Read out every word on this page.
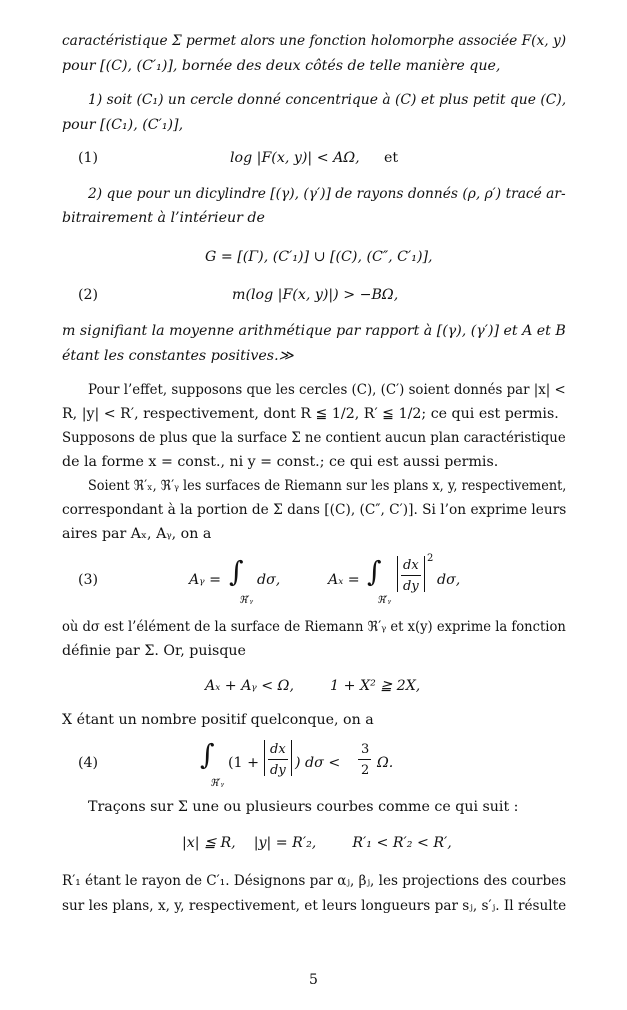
caractéristique Σ permet alors une fonction holomorphe associée F(x, y)
pour [(C), (C′₁)], bornée des deux côtés de telle manière que,
1) soit (C₁) un cercle donné concentrique à (C) et plus petit que (C),
pour [(C₁), (C′₁)],
(1)	log |F(x, y)| < AΩ, et
2) que pour un dicylindre [(γ), (γ′)] de rayons donnés (ρ, ρ′) tracé ar-
bitrairement à l’intérieur de
G = [(Γ), (C′₁)] ∪ [(C), (C″, C′₁)],
(2)	m(log |F(x, y)|) > −BΩ,
m signifiant la moyenne arithmétique par rapport à [(γ), (γ′)] et A et B
étant les constantes positives.≫
Pour l’effet, supposons que les cercles (C), (C′) soient donnés par |x| <
R, |y| < R′, respectivement, dont R ≦ 1/2, R′ ≦ 1/2; ce qui est permis.
Supposons de plus que la surface Σ ne contient aucun plan caractéristique
de la forme x = const., ni y = const.; ce qui est aussi permis.
Soient ℜ′ₓ, ℜ′ᵧ les surfaces de Riemann sur les plans x, y, respectivement,
correspondant à la portion de Σ dans [(C), (C″, C′)]. Si l’on exprime leurs
aires par Aₓ, Aᵧ, on a
(3)	Aᵧ = ∫
ℜ′ᵧ
dσ,	Aₓ = ∫
ℜ′ᵧ
dx
dy
2
dσ,
où dσ est l’élément de la surface de Riemann ℜ′ᵧ et x(y) exprime la fonction
définie par Σ. Or, puisque
Aₓ + Aᵧ < Ω,        1 + X² ≧ 2X,
X étant un nombre positif quelconque, on a
(4)	∫
ℜ′ᵧ
(1 +
dx
dy ) dσ <
3
2 Ω.
Traçons sur Σ une ou plusieurs courbes comme ce qui suit :
|x| ≦ R,    |y| = R′₂,        R′₁ < R′₂ < R′,
R′₁ étant le rayon de C′₁. Désignons par αⱼ, βⱼ, les projections des courbes
sur les plans, x, y, respectivement, et leurs longueurs par sⱼ, s′ⱼ. Il résulte
5
